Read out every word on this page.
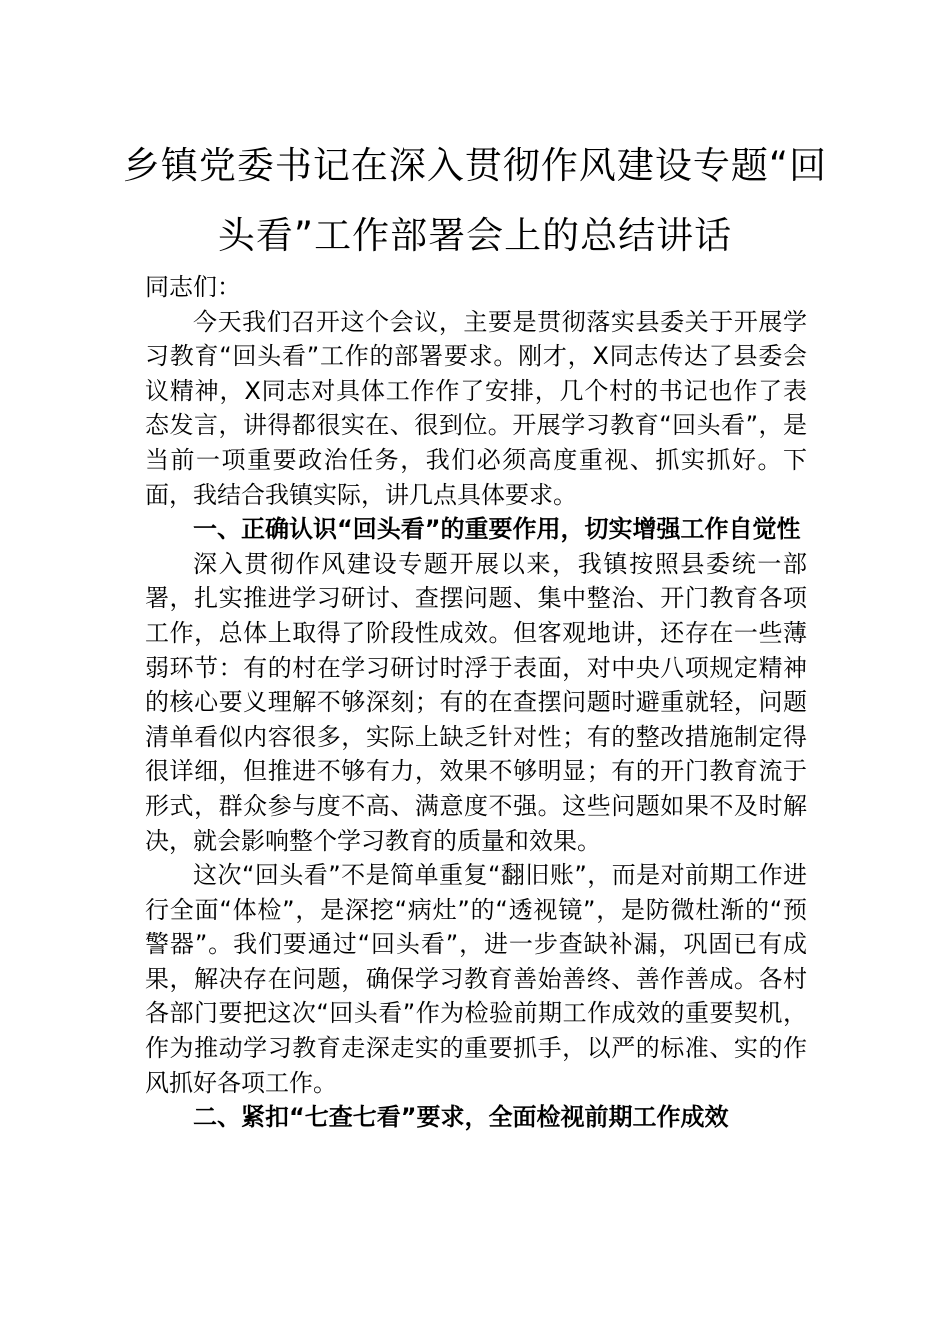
乡镇党委书记在深入贯彻作风建设专题“回头看”工作部署会上的总结讲话

同志们：

今天我们召开这个会议，主要是贯彻落实县委关于开展学习教育“回头看”工作的部署要求。刚才，X同志传达了县委会议精神，X同志对具体工作作了安排，几个村的书记也作了表态发言，讲得都很实在、很到位。开展学习教育“回头看”，是当前一项重要政治任务，我们必须高度重视、抓实抓好。下面，我结合我镇实际，讲几点具体要求。

一、正确认识“回头看”的重要作用，切实增强工作自觉性

深入贯彻作风建设专题开展以来，我镇按照县委统一部署，扎实推进学习研讨、查摆问题、集中整治、开门教育各项工作，总体上取得了阶段性成效。但客观地讲，还存在一些薄弱环节：有的村在学习研讨时浮于表面，对中央八项规定精神的核心要义理解不够深刻；有的在查摆问题时避重就轻，问题清单看似内容很多，实际上缺乏针对性；有的整改措施制定得很详细，但推进不够有力，效果不够明显；有的开门教育流于形式，群众参与度不高、满意度不强。这些问题如果不及时解决，就会影响整个学习教育的质量和效果。

这次“回头看”不是简单重复“翻旧账”，而是对前期工作进行全面“体检”，是深挖“病灶”的“透视镜”，是防微杜渐的“预警器”。我们要通过“回头看”，进一步查缺补漏，巩固已有成果，解决存在问题，确保学习教育善始善终、善作善成。各村各部门要把这次“回头看”作为检验前期工作成效的重要契机，作为推动学习教育走深走实的重要抓手，以严的标准、实的作风抓好各项工作。

二、紧扣“七查七看”要求，全面检视前期工作成效
